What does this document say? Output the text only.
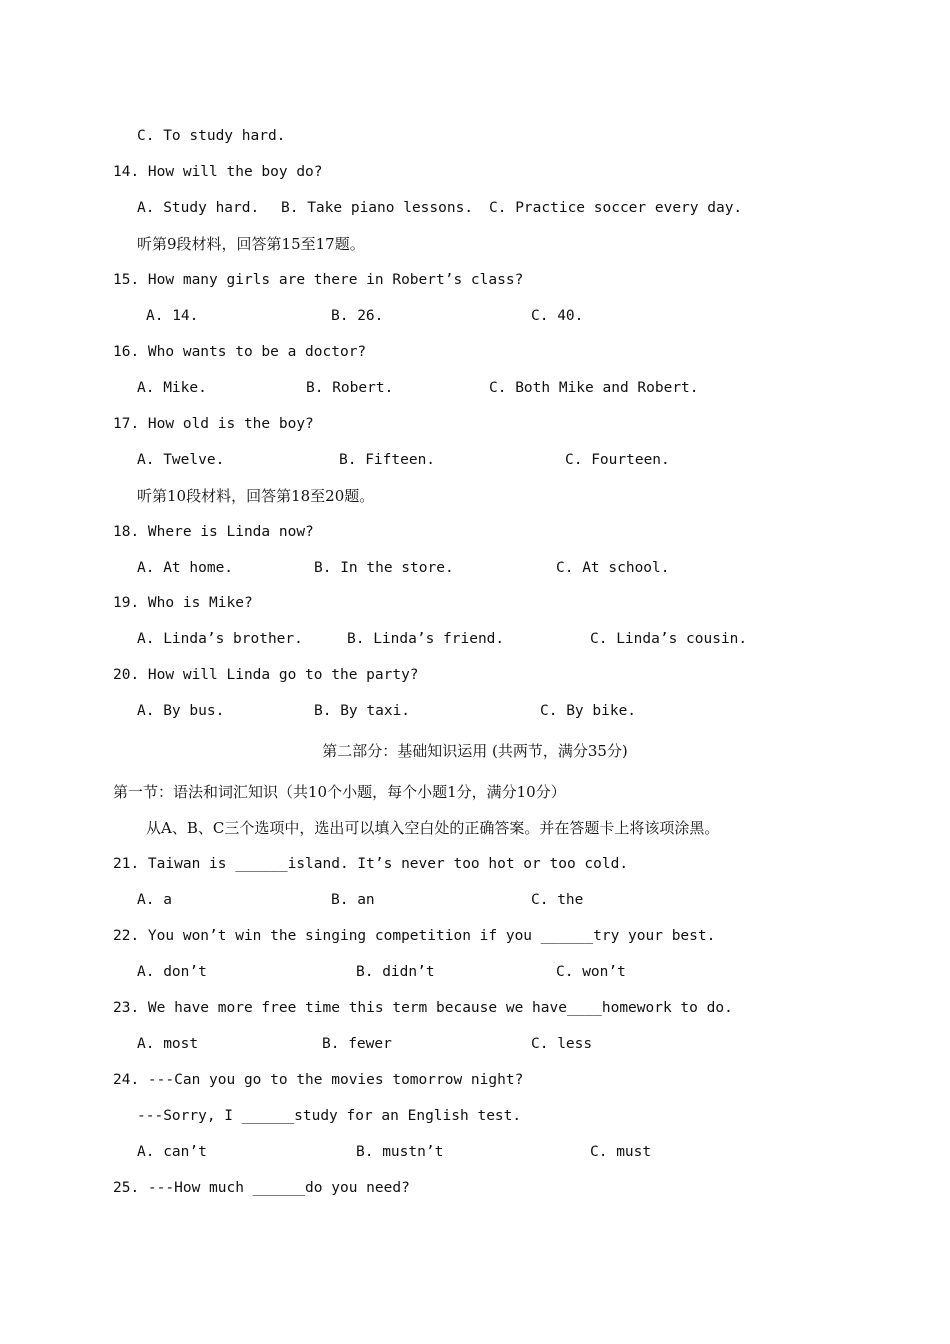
C. To study hard.
14. How will the boy do?
A. Study hard. B. Take piano lessons. C. Practice soccer every day.
听第9段材料，回答第15至17题。
15. How many girls are there in Robert’s class?
A. 14.	B. 26.	C. 40.
16. Who wants to be a doctor?
A. Mike.	B. Robert.	C. Both Mike and Robert.
17. How old is the boy?
A. Twelve.	B. Fifteen.	C. Fourteen.
听第10段材料，回答第18至20题。
18. Where is Linda now?
A. At home.	B. In the store.	C. At school.
19. Who is Mike?
A. Linda’s brother.	B. Linda’s friend.	C. Linda’s cousin.
20. How will Linda go to the party?
A. By bus.	B. By taxi.	C. By bike.
第二部分：基础知识运用 (共两节，满分35分)
第一节：语法和词汇知识（共10个小题，每个小题1分，满分10分）
从A、B、C三个选项中，选出可以填入空白处的正确答案。并在答题卡上将该项涂黑。
21. Taiwan is ______island. It’s never too hot or too cold.
A. a	B. an	C. the
22. You won’t win the singing competition if you ______try your best.
A. don’t	B. didn’t	C. won’t
23. We have more free time this term because we have____homework to do.
A. most	B. fewer	C. less
24. ---Can you go to the movies tomorrow night?
---Sorry, I ______study for an English test.
A. can’t	B. mustn’t	C. must
25. ---How much ______do you need?
